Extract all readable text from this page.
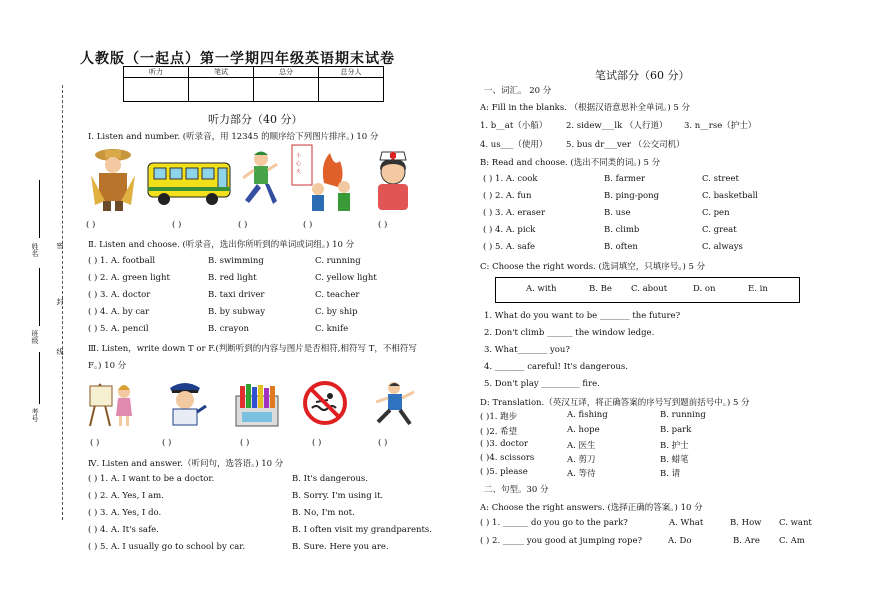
密
封
线
姓名
班级
考号
人教版（一起点）第一学期四年级英语期末试卷
听力	笔试	总分	总分人

听力部分（40 分）
Ⅰ. Listen and number. (听录音，用 12345 的顺序给下列图片排序。) 10 分
小
心
火
( )	( )	( )	( )	( )
Ⅱ. Listen and choose. (听录音，选出你所听到的单词或词组。) 10 分
( ) 1. A. football	B. swimming	C. running
( ) 2. A. green light	B. red light	C. yellow light
( ) 3. A. doctor	B. taxi driver	C. teacher
( ) 4. A. by car	B. by subway	C. by ship
( ) 5. A. pencil	B. crayon	C. knife
Ⅲ. Listen，write down T or F.(判断听到的内容与图片是否相符,相符写 T，不相符写
F。) 10 分
( )	( )	( )	( )	( )
Ⅳ. Listen and answer.（听问句，选答语。) 10 分
( ) 1. A. I want to be a doctor.	B. It's dangerous.
( ) 2. A. Yes, I am.	B. Sorry. I'm using it.
( ) 3. A. Yes, I do.	B. No, I'm not.
( ) 4. A. It's safe.	B. I often visit my grandparents.
( ) 5. A. I usually go to school by car.	B. Sure. Here you are.
笔试部分（60 分）
一、词汇。 20 分
A: Fill in the blanks. （根据汉语意思补全单词。) 5 分
1. b__at（小船） 2. sidew___lk （人行道） 3. n__rse（护士）
4. us___（使用） 5. bus dr___ver （公交司机）
B: Read and choose. (选出不同类的词。) 5 分
( ) 1. A. cook	B. farmer	C. street
( ) 2. A. fun	B. ping-pong	C. basketball
( ) 3. A. eraser	B. use	C. pen
( ) 4. A. pick	B. climb	C. great
( ) 5. A. safe	B. often	C. always
C: Choose the right words. (选词填空，只填序号。) 5 分
A. with	B. Be C. about	D. on	E. in
1. What do you want to be _______ the future?
2. Don't climb ______ the window ledge.
3. What_______ you?
4. _______ careful! It's dangerous.
5. Don't play _________ fire.
D: Translation.（英汉互译，将正确答案的序号写到题前括号中。) 5 分
( )1. 跑步	A. fishing	B. running
( )2. 希望	A. hope	B. park
( )3. doctor	A. 医生	B. 护士
( )4. scissors	A. 剪刀	B. 蜡笔
( )5. please	A. 等待	B. 请
二、句型。30 分
A: Choose the right answers. (选择正确的答案。) 10 分
( ) 1. ______ do you go to the park?	A. What	B. How C. want
( ) 2. _____ you good at jumping rope?	A. Do	B. Are C. Am
